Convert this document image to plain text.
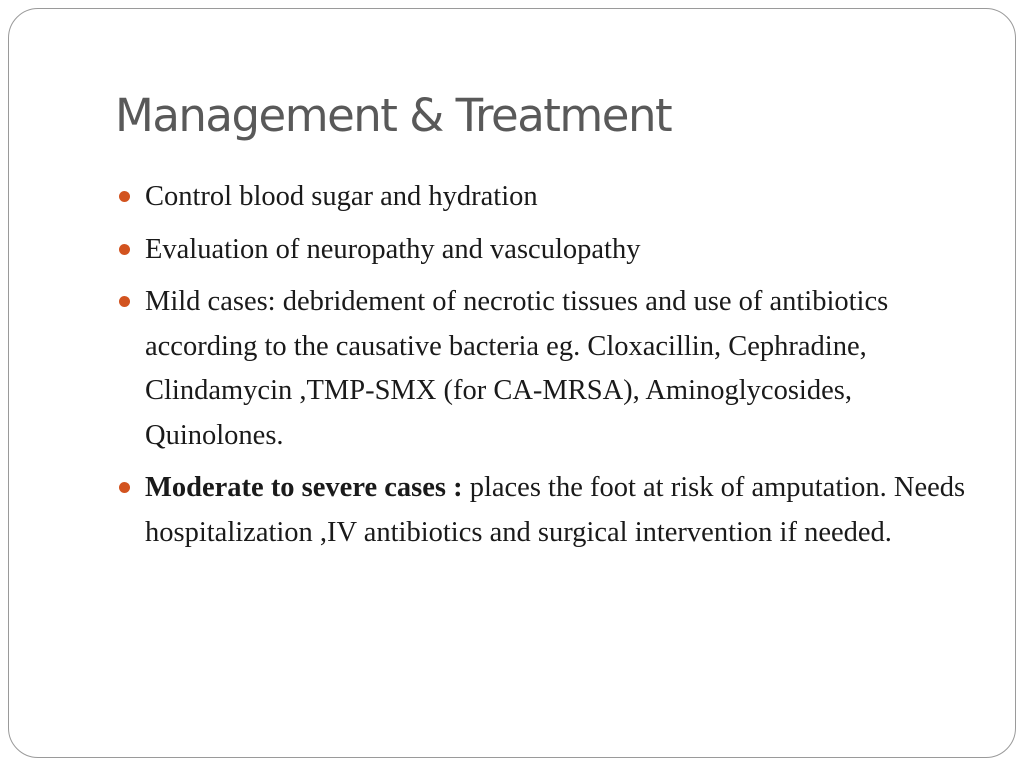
Management & Treatment
Control blood sugar and hydration
Evaluation of neuropathy and vasculopathy
Mild cases: debridement of necrotic tissues and use of antibiotics according to the causative bacteria eg. Cloxacillin, Cephradine, Clindamycin ,TMP-SMX (for CA-MRSA), Aminoglycosides, Quinolones.
Moderate to severe cases : places the foot at risk of amputation. Needs hospitalization ,IV antibiotics and surgical intervention if needed.
